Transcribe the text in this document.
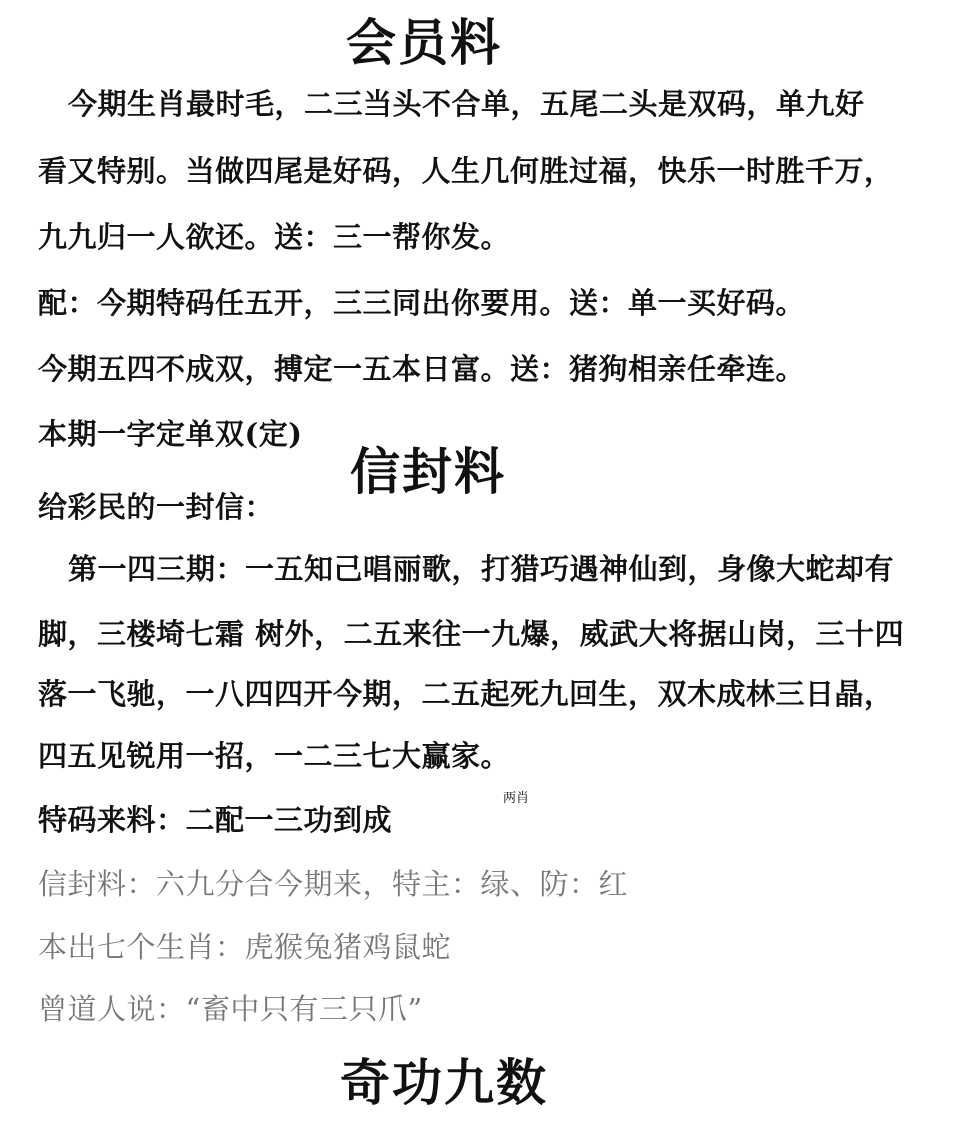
会员料
今期生肖最时毛，二三当头不合单，五尾二头是双码，单九好
看又特别。当做四尾是好码，人生几何胜过福，快乐一时胜千万，
九九归一人欲还。送：三一帮你发。
配：今期特码任五开，三三同出你要用。送：单一买好码。
今期五四不成双，搏定一五本日富。送：猪狗相亲任牵连。
本期一字定单双(定)
信封料
给彩民的一封信：
第一四三期：一五知己唱丽歌，打猎巧遇神仙到，身像大蛇却有
脚，三楼埼七霜 树外，二五来往一九爆，威武大将据山岗，三十四
落一飞驰，一八四四开今期，二五起死九回生，双木成林三日晶，
四五见锐用一招，一二三七大赢家。
两肖
特码来料：二配一三功到成
信封料：六九分合今期来，特主：绿、防：红
本出七个生肖：虎猴兔猪鸡鼠蛇
曾道人说：“畜中只有三只爪”
奇功九数
